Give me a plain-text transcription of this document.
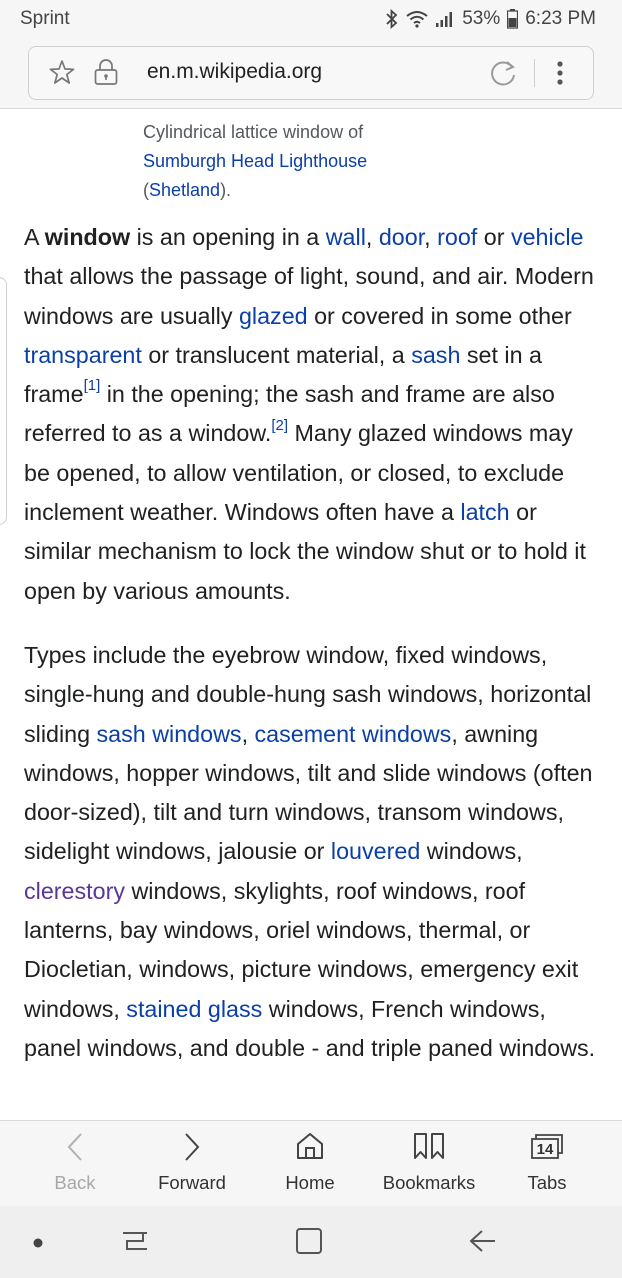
Sprint	53% 6:23 PM
en.m.wikipedia.org
Cylindrical lattice window of
Sumburgh Head Lighthouse
(Shetland).

A window is an opening in a wall, door, roof or vehicle that allows the passage of light, sound, and air. Modern windows are usually glazed or covered in some other transparent or translucent material, a sash set in a frame[1] in the opening; the sash and frame are also referred to as a window.[2] Many glazed windows may be opened, to allow ventilation, or closed, to exclude inclement weather. Windows often have a latch or similar mechanism to lock the window shut or to hold it open by various amounts.

Types include the eyebrow window, fixed windows, single-hung and double-hung sash windows, horizontal sliding sash windows, casement windows, awning windows, hopper windows, tilt and slide windows (often door-sized), tilt and turn windows, transom windows, sidelight windows, jalousie or louvered windows, clerestory windows, skylights, roof windows, roof lanterns, bay windows, oriel windows, thermal, or Diocletian, windows, picture windows, emergency exit windows, stained glass windows, French windows, panel windows, and double - and triple paned windows.

Back	Forward	Home	Bookmarks
14
Tabs
